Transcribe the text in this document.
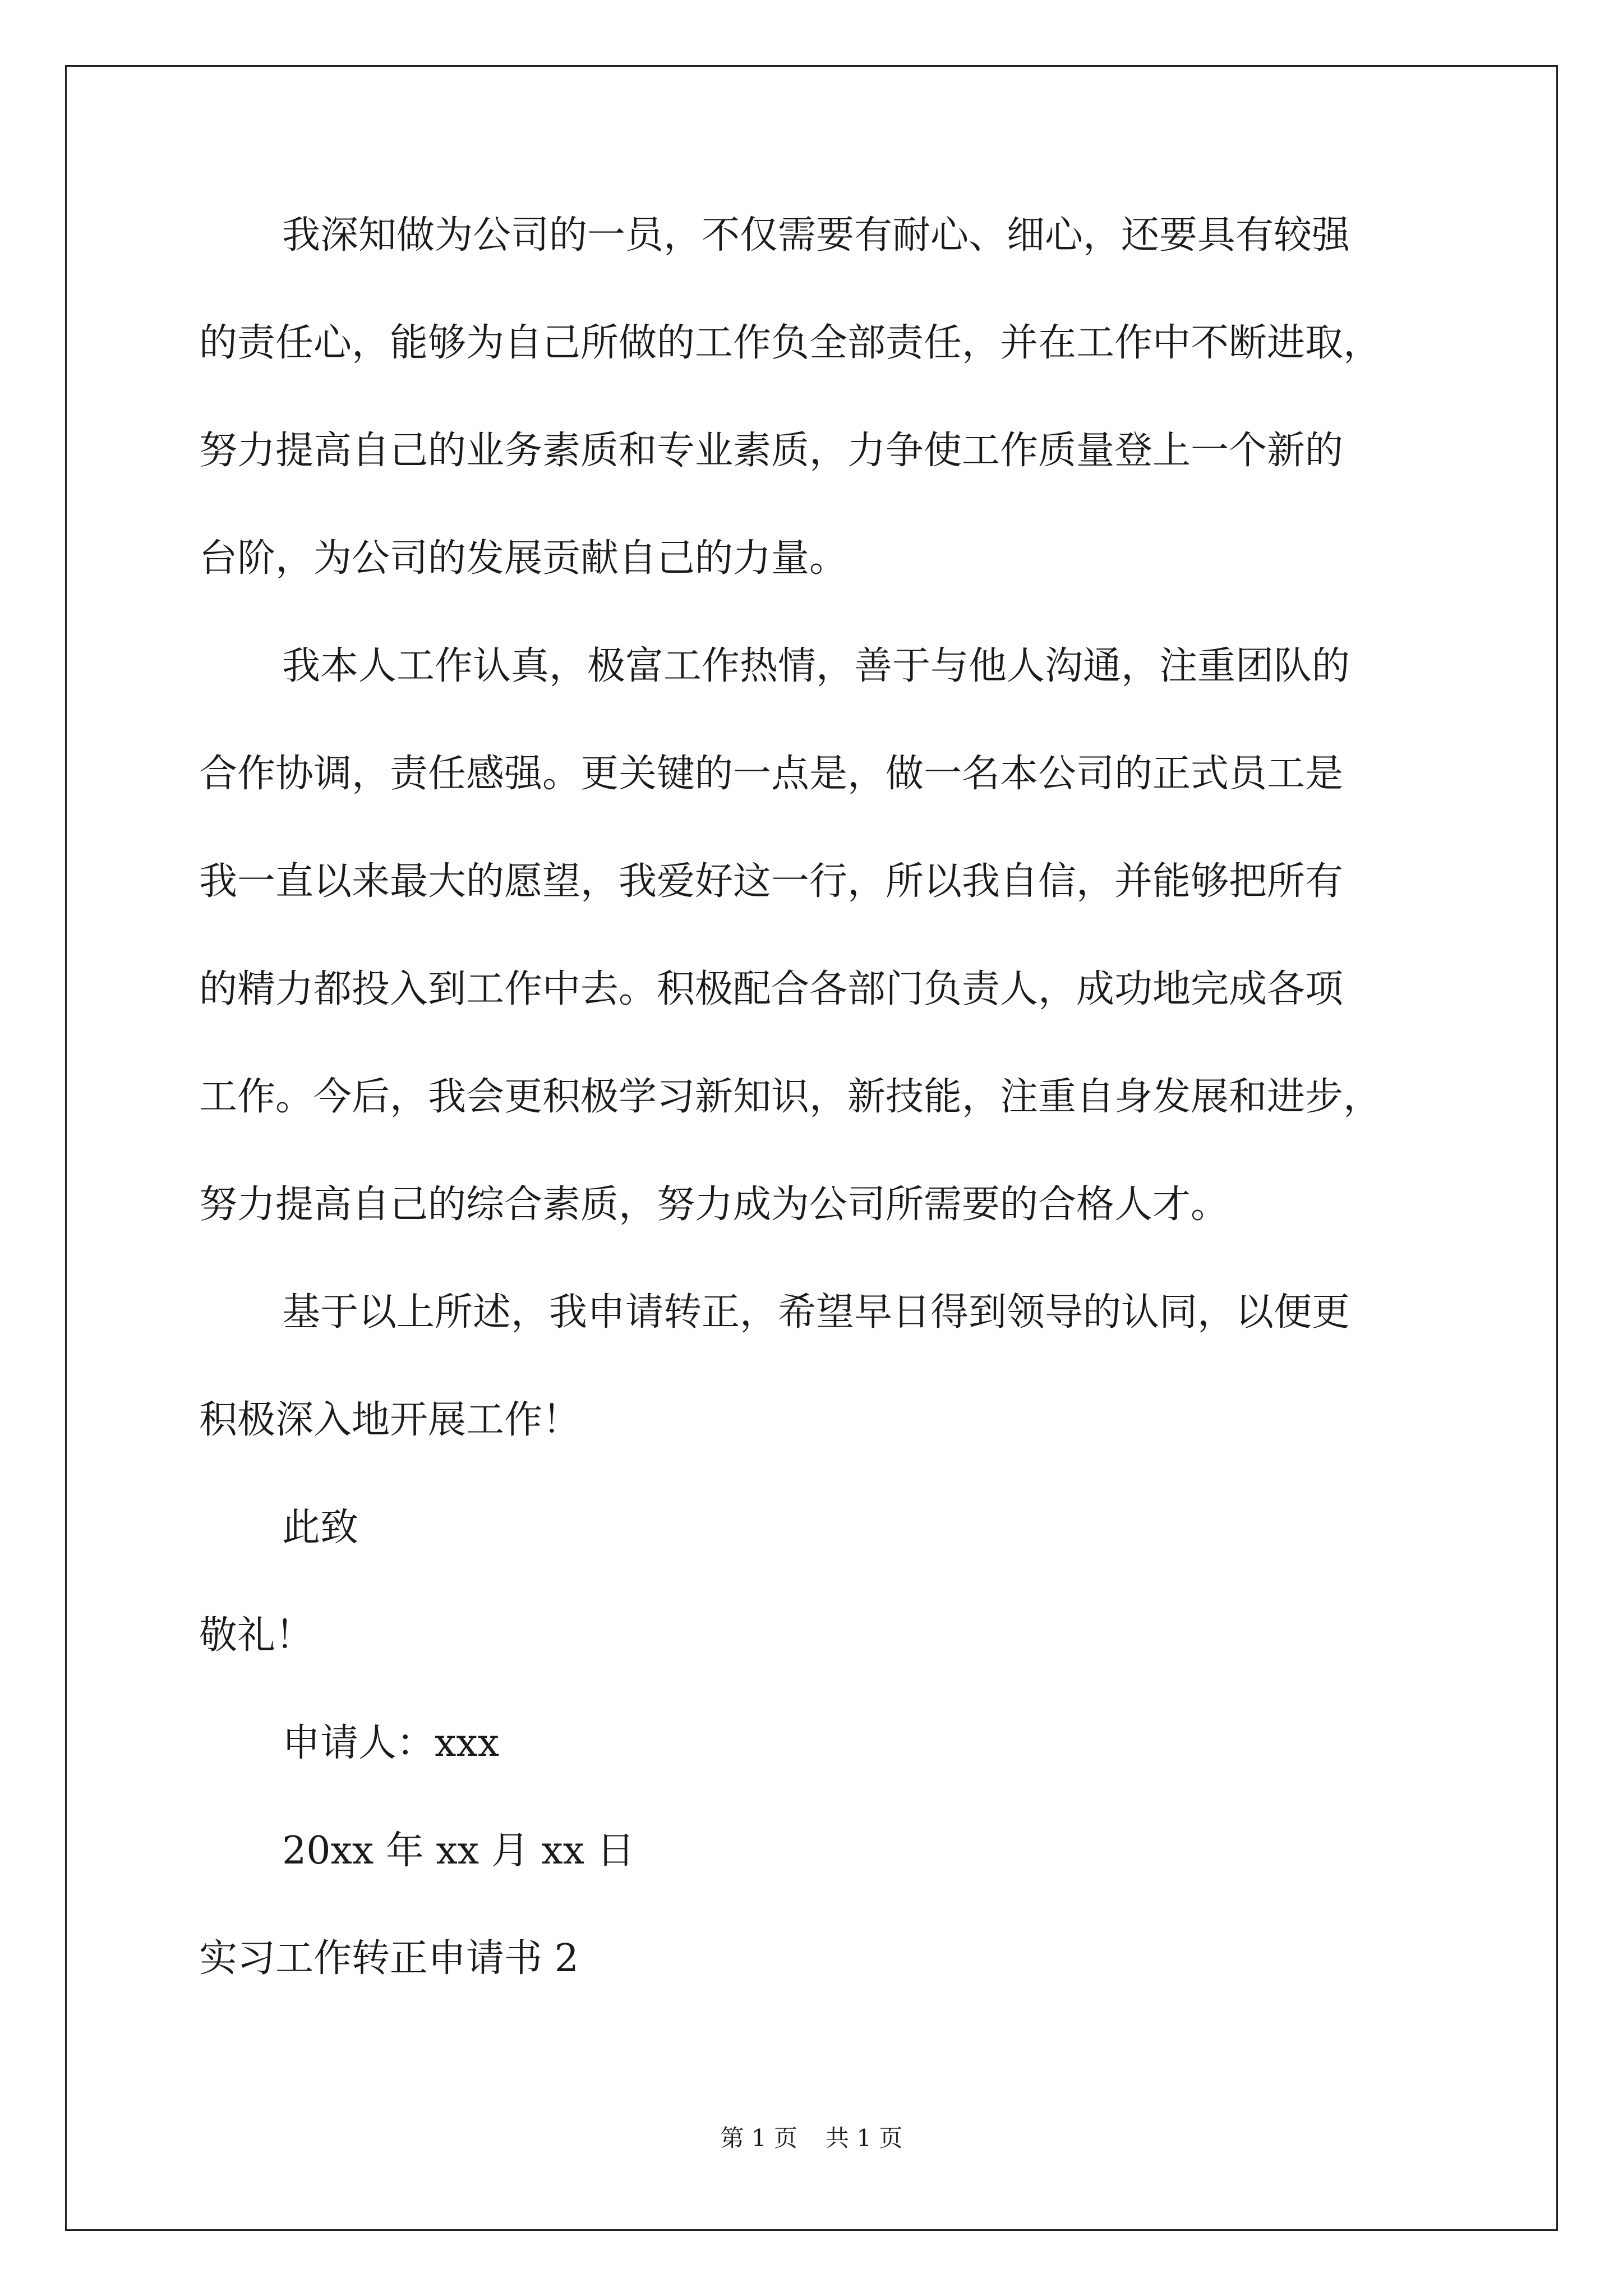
我深知做为公司的一员，不仅需要有耐心、细心，还要具有较强
的责任心，能够为自己所做的工作负全部责任，并在工作中不断进取，
努力提高自己的业务素质和专业素质，力争使工作质量登上一个新的
台阶，为公司的发展贡献自己的力量。
我本人工作认真，极富工作热情，善于与他人沟通，注重团队的
合作协调，责任感强。更关键的一点是，做一名本公司的正式员工是
我一直以来最大的愿望，我爱好这一行，所以我自信，并能够把所有
的精力都投入到工作中去。积极配合各部门负责人，成功地完成各项
工作。今后，我会更积极学习新知识，新技能，注重自身发展和进步，
努力提高自己的综合素质，努力成为公司所需要的合格人才。
基于以上所述，我申请转正，希望早日得到领导的认同，以便更
积极深入地开展工作！
此致
敬礼！
申请人：xxx
20xx 年 xx 月 xx 日
实习工作转正申请书 2
第 1 页 共 1 页
